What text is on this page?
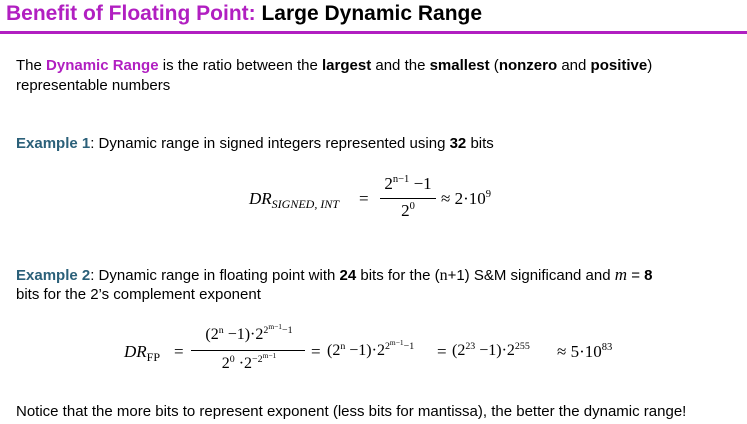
Benefit of Floating Point: Large Dynamic Range
The Dynamic Range is the ratio between the largest and the smallest (nonzero and positive)
representable numbers
Example 1: Dynamic range in signed integers represented using 32 bits
$DR_{SIGNED, INT}$ =
$2^{n-1} -1$
$2^0$	≈ $2\cdot 10^9$
Example 2: Dynamic range in floating point with 24 bits for the (n+1) S&M significand and m = 8
bits for the 2’s complement exponent
$DR_{FP}$ =
$(2^n -1)\cdot 2^{2^{m-1}-1}$
$2^0 \cdot 2^{-2^{m-1}}$	= $(2^n -1)\cdot 2^{2^{m-1}-1} = (2^{23} -1)\cdot 2^{255} \approx 5\cdot 10^{83}$
Notice that the more bits to represent exponent (less bits for mantissa), the better the dynamic range!
